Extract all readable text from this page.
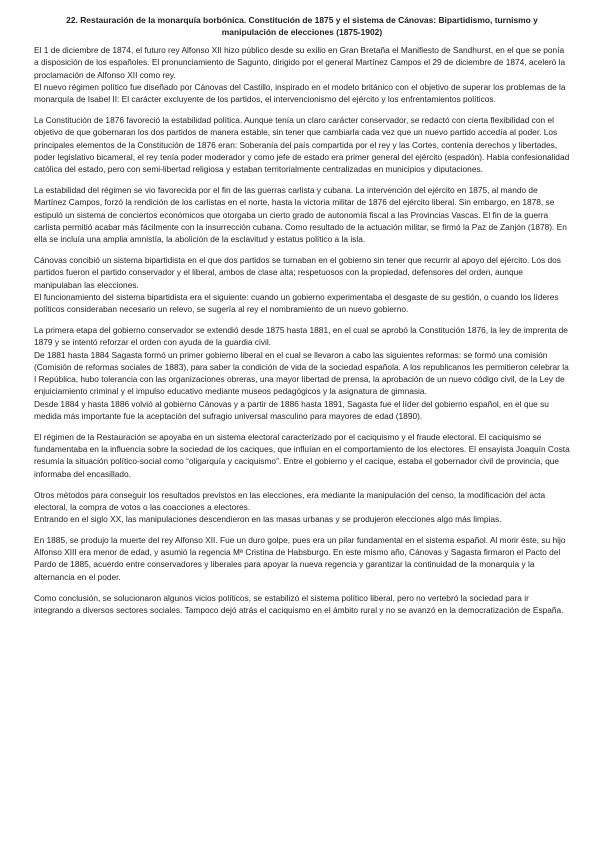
22. Restauración de la monarquía borbónica. Constitución de 1875 y el sistema de Cánovas: Bipartidismo, turnismo y manipulación de elecciones (1875-1902)

El 1 de diciembre de 1874, el futuro rey Alfonso XII hizo público desde su exilio en Gran Bretaña el Manifiesto de Sandhurst, en el que se ponía a disposición de los españoles. El pronunciamiento de Sagunto, dirigido por el general Martínez Campos el 29 de diciembre de 1874, aceleró la proclamación de Alfonso XII como rey.

El nuevo régimen político fue diseñado por Cánovas del Castillo, inspirado en el modelo británico con el objetivo de superar los problemas de la monarquía de Isabel II: El carácter excluyente de los partidos, el intervencionismo del ejército y los enfrentamientos políticos.

La Constitución de 1876 favoreció la estabilidad política. Aunque tenía un claro carácter conservador, se redactó con cierta flexibilidad con el objetivo de que gobernaran los dos partidos de manera estable, sin tener que cambiarla cada vez que un nuevo partido accedía al poder. Los principales elementos de la Constitución de 1876 eran: Soberanía del país compartida por el rey y las Cortes, contenía derechos y libertades, poder legislativo bicameral, el rey tenía poder moderador y como jefe de estado era primer general del ejército (espadón). Había confesionalidad católica del estado, pero con semi-libertad religiosa y estaban territorialmente centralizadas en municipios y diputaciones.

La estabilidad del régimen se vio favorecida por el fin de las guerras carlista y cubana. La intervención del ejército en 1875, al mando de Martínez Campos, forzó la rendición de los carlistas en el norte, hasta la victoria militar de 1876 del ejército liberal. Sin embargo, en 1878, se estipuló un sistema de conciertos económicos que otorgaba un cierto grado de autonomía fiscal a las Provincias Vascas. El fin de la guerra carlista permitió acabar más fácilmente con la insurrección cubana. Como resultado de la actuación militar, se firmó la Paz de Zanjón (1878). En ella se incluía una amplia amnistía, la abolición de la esclavitud y estatus político a la isla.

Cánovas concibió un sistema bipartidista en el que dos partidos se turnaban en el gobierno sin tener que recurrir al apoyo del ejército. Los dos partidos fueron el partido conservador y el liberal, ambos de clase alta; respetuosos con la propiedad, defensores del orden, aunque manipulaban las elecciones.

El funcionamiento del sistema bipartidista era el siguiente: cuando un gobierno experimentaba el desgaste de su gestión, o cuando los líderes políticos consideraban necesario un relevo, se sugería al rey el nombramiento de un nuevo gobierno.

La primera etapa del gobierno conservador se extendió desde 1875 hasta 1881, en el cual se aprobó la Constitución 1876, la ley de imprenta de 1879 y se intentó reforzar el orden con ayuda de la guardia civil.

De 1881 hasta 1884 Sagasta formó un primer gobierno liberal en el cual se llevaron a cabo las siguientes reformas: se formó una comisión (Comisión de reformas sociales de 1883), para saber la condición de vida de la sociedad española. A los republicanos les permitieron celebrar la I República, hubo tolerancia con las organizaciones obreras, una mayor libertad de prensa, la aprobación de un nuevo código civil, de la Ley de enjuiciamiento criminal y el impulso educativo mediante museos pedagógicos y la asignatura de gimnasia.

Desde 1884 y hasta 1886 volvió al gobierno Cánovas y a partir de 1886 hasta 1891, Sagasta fue el líder del gobierno español, en el que su medida más importante fue la aceptación del sufragio universal masculino para mayores de edad (1890).

El régimen de la Restauración se apoyaba en un sistema electoral caracterizado por el caciquismo y el fraude electoral. El caciquismo se fundamentaba en la influencia sobre la sociedad de los caciques, que influían en el comportamiento de los electores. El ensayista Joaquín Costa resumía la situación político-social como “oligarquía y caciquismo”. Entre el gobierno y el cacique, estaba el gobernador civil de provincia, que informaba del encasillado.

Otros métodos para conseguir los resultados previstos en las elecciones, era mediante la manipulación del censo, la modificación del acta electoral, la compra de votos o las coacciones a electores.

Entrando en el siglo XX, las manipulaciones descendieron en las masas urbanas y se produjeron elecciones algo más limpias.

En 1885, se produjo la muerte del rey Alfonso XII. Fue un duro golpe, pues era un pilar fundamental en el sistema español. Al morir éste, su hijo Alfonso XIII era menor de edad, y asumió la regencia Mª Cristina de Habsburgo. En este mismo año, Cánovas y Sagasta firmaron el Pacto del Pardo de 1885, acuerdo entre conservadores y liberales para apoyar la nueva regencia y garantizar la continuidad de la monarquía y la alternancia en el poder.

Como conclusión, se solucionaron algunos vicios políticos, se estabilizó el sistema político liberal, pero no vertebró la sociedad para ir integrando a diversos sectores sociales. Tampoco dejó atrás el caciquismo en el ámbito rural y no se avanzó en la democratización de España.
